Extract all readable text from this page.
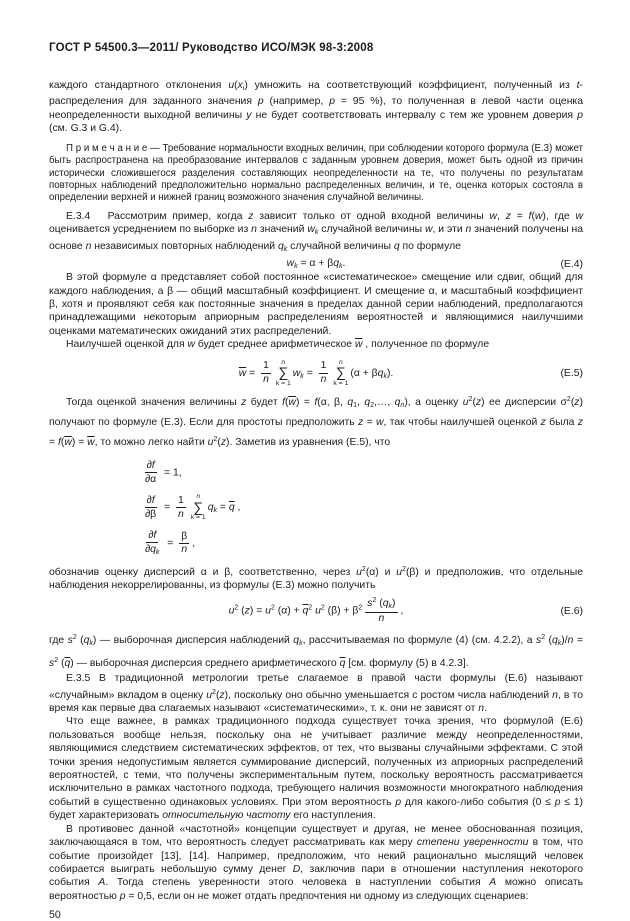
ГОСТ Р 54500.3—2011/ Руководство ИСО/МЭК 98-3:2008

каждого стандартного отклонения u(xi) умножить на соответствующий коэффициент, полученный из t-распределения для заданного значения p (например, p = 95 %), то полученная в левой части оценка неопределенности выходной величины y не будет соответствовать интервалу с тем же уровнем доверия p (см. G.3 и G.4).

П р и м е ч а н и е — Требование нормальности входных величин, при соблюдении которого формула (Е.3) может быть распространена на преобразование интервалов с заданным уровнем доверия, может быть одной из причин исторически сложившегося разделения составляющих неопределенности на те, что получены по результатам повторных наблюдений предположительно нормально распределенных величин, и те, оценка которых состояла в определении верхней и нижней границ возможного значения случайной величины.

Е.3.4   Рассмотрим пример, когда z зависит только от одной входной величины w, z = f(w), где w оценивается усреднением по выборке из n значений wk случайной величины w, и эти n значений получены на основе n независимых повторных наблюдений qk случайной величины q по формуле

wk = α + βqk.	(Е.4)

В этой формуле α представляет собой постоянное «систематическое» смещение или сдвиг, общий для каждого наблюдения, а β — общий масштабный коэффициент. И смещение α, и масштабный коэффициент β, хотя и проявляют себя как постоянные значения в пределах данной серии наблюдений, предполагаются принадлежащими некоторым априорным распределениям вероятностей и являющимися наилучшими оценками математических ожиданий этих распределений.

Наилучшей оценкой для w будет среднее арифметическое $\overline{w}$ , полученное по формуле

$\overline{w} = \frac{1}{n}$ n
∑
k = 1
wk = $\frac{1}{n}$ n
∑
k = 1
(α + βqk).	(Е.5)

Тогда оценкой значения величины z будет $f(\overline{w}) = f(\alpha$, β, q1, q2,…, qn), а оценку $u^2(z)$ ее дисперсии $\sigma^2(z)$ получают по формуле (Е.3). Если для простоты предположить z = w, так чтобы наилучшей оценкой z была $z = f(\overline{w}) = \overline{w}$, то можно легко найти $u^2(z)$. Заметив из уравнения (Е.5), что

$\frac{\partial f}{\partial\alpha} = 1$,
$\frac{\partial f}{\partial\beta} = \frac{1}{n}$ n
∑
k = 1
qk = $\overline{q}$ ,
$\frac{\partial f}{\partial qk} = \frac{\beta}{n}$ ,

обозначив оценку дисперсий α и β, соответственно, через $u^2(\alpha)$ и $u^2(\beta)$ и предположив, что отдельные наблюдения некоррелированны, из формулы (Е.3) можно получить

$u^2$ $(z) = u^2$ $(\alpha) + \overline{q}^2$ $u^2$ $(\beta) + \beta^2 \frac{s^2 (qk)}{n}$ ,	(Е.6)

где $s^2$ (qk) — выборочная дисперсия наблюдений qk, рассчитываемая по формуле (4) (см. 4.2.2), а $s^2$ $(qk)/n = s^2$ $(\overline{q})$ — выборочная дисперсия среднего арифметического $\overline{q}$ [см. формулу (5) в 4.2.3].

Е.3.5 В традиционной метрологии третье слагаемое в правой части формулы (Е.6) называют «случайным» вкладом в оценку $u^2(z)$, поскольку оно обычно уменьшается с ростом числа наблюдений n, в то время как первые два слагаемых называют «систематическими», т. к. они не зависят от n.

Что еще важнее, в рамках традиционного подхода существует точка зрения, что формулой (Е.6) пользоваться вообще нельзя, поскольку она не учитывает различие между неопределенностями, являющимися следствием систематических эффектов, от тех, что вызваны случайными эффектами. С этой точки зрения недопустимым является суммирование дисперсий, полученных из априорных распределений вероятностей, с теми, что получены экспериментальным путем, поскольку вероятность рассматривается исключительно в рамках частотного подхода, требующего наличия возможности многократного наблюдения событий в существенно одинаковых условиях. При этом вероятность p для какого-либо события (0 ≤ p ≤ 1) будет характеризовать относительную частоту его наступления.

В противовес данной «частотной» концепции существует и другая, не менее обоснованная позиция, заключающаяся в том, что вероятность следует рассматривать как меру степени уверенности в том, что событие произойдет [13], [14]. Например, предположим, что некий рационально мыслящий человек собирается выиграть небольшую сумму денег D, заключив пари в отношении наступления некоторого события A. Тогда степень уверенности этого человека в наступлении события A можно описать вероятностью p = 0,5, если он не может отдать предпочтения ни одному из следующих сценариев:

50
